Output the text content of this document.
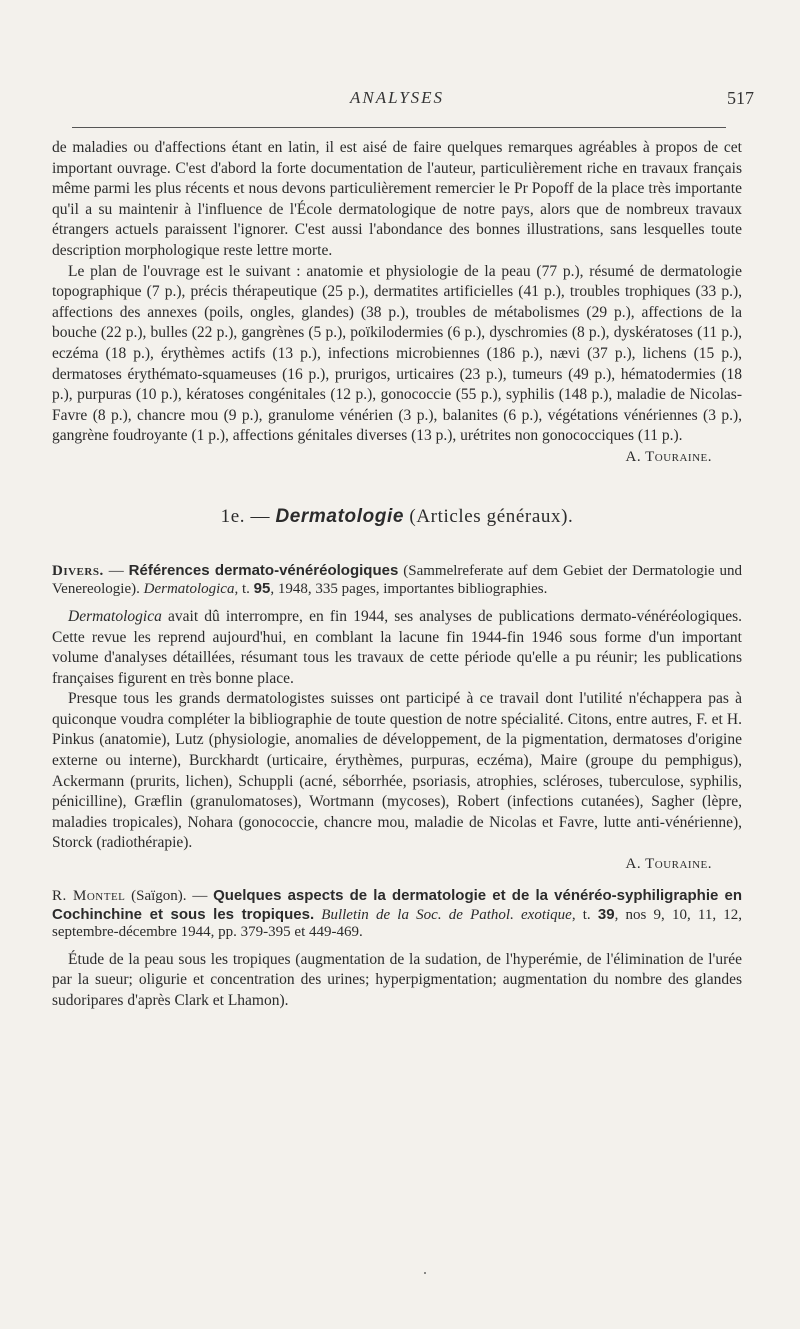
ANALYSES	517

de maladies ou d'affections étant en latin, il est aisé de faire quelques remarques agréables à propos de cet important ouvrage. C'est d'abord la forte documentation de l'auteur, particulièrement riche en travaux français même parmi les plus récents et nous devons particulièrement remercier le Pr Popoff de la place très importante qu'il a su maintenir à l'influence de l'École dermatologique de notre pays, alors que de nombreux travaux étrangers actuels paraissent l'ignorer. C'est aussi l'abondance des bonnes illustrations, sans lesquelles toute description morphologique reste lettre morte.

Le plan de l'ouvrage est le suivant : anatomie et physiologie de la peau (77 p.), résumé de dermatologie topographique (7 p.), précis thérapeutique (25 p.), dermatites artificielles (41 p.), troubles trophiques (33 p.), affections des annexes (poils, ongles, glandes) (38 p.), troubles de métabolismes (29 p.), affections de la bouche (22 p.), bulles (22 p.), gangrènes (5 p.), poïkilodermies (6 p.), dyschromies (8 p.), dyskératoses (11 p.), eczéma (18 p.), érythèmes actifs (13 p.), infections microbiennes (186 p.), nævi (37 p.), lichens (15 p.), dermatoses érythémato-squameuses (16 p.), prurigos, urticaires (23 p.), tumeurs (49 p.), hématodermies (18 p.), purpuras (10 p.), kératoses congénitales (12 p.), gonococcie (55 p.), syphilis (148 p.), maladie de Nicolas-Favre (8 p.), chancre mou (9 p.), granulome vénérien (3 p.), balanites (6 p.), végétations vénériennes (3 p.), gangrène foudroyante (1 p.), affections génitales diverses (13 p.), urétrites non gonococciques (11 p.).

A. Touraine.
1e. — Dermatologie (Articles généraux).
Divers. — Références dermato-vénéréologiques (Sammelreferate auf dem Gebiet der Dermatologie und Venereologie). Dermatologica, t. 95, 1948, 335 pages, importantes bibliographies.

Dermatologica avait dû interrompre, en fin 1944, ses analyses de publications dermato-vénéréologiques. Cette revue les reprend aujourd'hui, en comblant la lacune fin 1944-fin 1946 sous forme d'un important volume d'analyses détaillées, résumant tous les travaux de cette période qu'elle a pu réunir; les publications françaises figurent en très bonne place.

Presque tous les grands dermatologistes suisses ont participé à ce travail dont l'utilité n'échappera pas à quiconque voudra compléter la bibliographie de toute question de notre spécialité. Citons, entre autres, F. et H. Pinkus (anatomie), Lutz (physiologie, anomalies de développement, de la pigmentation, dermatoses d'origine externe ou interne), Burckhardt (urticaire, érythèmes, purpuras, eczéma), Maire (groupe du pemphigus), Ackermann (prurits, lichen), Schuppli (acné, séborrhée, psoriasis, atrophies, scléroses, tuberculose, syphilis, pénicilline), Græflin (granulomatoses), Wortmann (mycoses), Robert (infections cutanées), Sagher (lèpre, maladies tropicales), Nohara (gonococcie, chancre mou, maladie de Nicolas et Favre, lutte anti-vénérienne), Storck (radiothérapie).

A. Touraine.
R. Montel (Saïgon). — Quelques aspects de la dermatologie et de la vénéréo-syphiligraphie en Cochinchine et sous les tropiques. Bulletin de la Soc. de Pathol. exotique, t. 39, nos 9, 10, 11, 12, septembre-décembre 1944, pp. 379-395 et 449-469.

Étude de la peau sous les tropiques (augmentation de la sudation, de l'hyperémie, de l'élimination de l'urée par la sueur; oligurie et concentration des urines; hyperpigmentation; augmentation du nombre des glandes sudoripares d'après Clark et Lhamon).
